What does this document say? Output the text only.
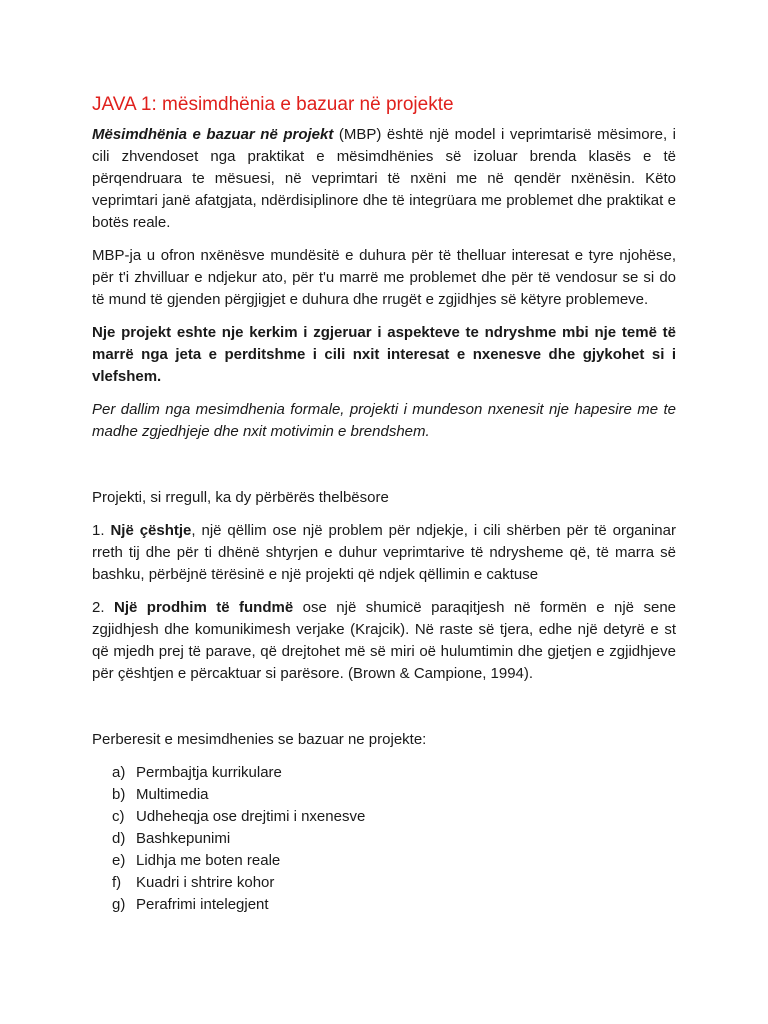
JAVA 1: mësimdhënia e bazuar në projekte

Mësimdhënia e bazuar në projekt (MBP) është një model i veprimtarisë mësimore, i cili zhvendoset nga praktikat e mësimdhënies së izoluar brenda klasës e të përqendruara te mësuesi, në veprimtari të nxëni me në qendër nxënësin. Këto veprimtari janë afatgjata, ndërdisiplinore dhe të integrüara me problemet dhe praktikat e botës reale.

MBP-ja u ofron nxënësve mundësitë e duhura për të thelluar interesat e tyre njohëse, për t'i zhvilluar e ndjekur ato, për t'u marrë me problemet dhe për të vendosur se si do të mund të gjenden përgjigjet e duhura dhe rrugët e zgjidhjes së këtyre problemeve.

Nje projekt eshte nje kerkim i zgjeruar i aspekteve te ndryshme mbi nje temë të marrë nga jeta e perditshme i cili nxit interesat e nxenesve dhe gjykohet si i vlefshem.

Per dallim nga mesimdhenia formale, projekti i mundeson nxenesit nje hapesire me te madhe zgjedhjeje dhe nxit motivimin e brendshem.

Projekti, si rregull, ka dy përbërës thelbësore

1. Një çështje, një qëllim ose një problem për ndjekje, i cili shërben për të organinar rreth tij dhe për ti dhënë shtyrjen e duhur veprimtarive të ndrysheme që, të marra së bashku, përbëjnë tërësinë e një projekti që ndjek qëllimin e caktuse

2. Një prodhim të fundmë ose një shumicë paraqitjesh në formën e një sene zgjidhjesh dhe komunikimesh verjake (Krajcik). Në raste së tjera, edhe një detyrë e st që mjedh prej të parave, që drejtohet më së miri oë hulumtimin dhe gjetjen e zgjidhjeve për çështjen e përcaktuar si parësore. (Brown & Campione, 1994).

Perberesit e mesimdhenies se bazuar ne projekte:

a) Permbajtja kurrikulare
b) Multimedia
c) Udheheqja ose drejtimi i nxenesve
d) Bashkepunimi
e) Lidhja me boten reale
f) Kuadri i shtrire kohor
g) Perafrimi intelegjent
